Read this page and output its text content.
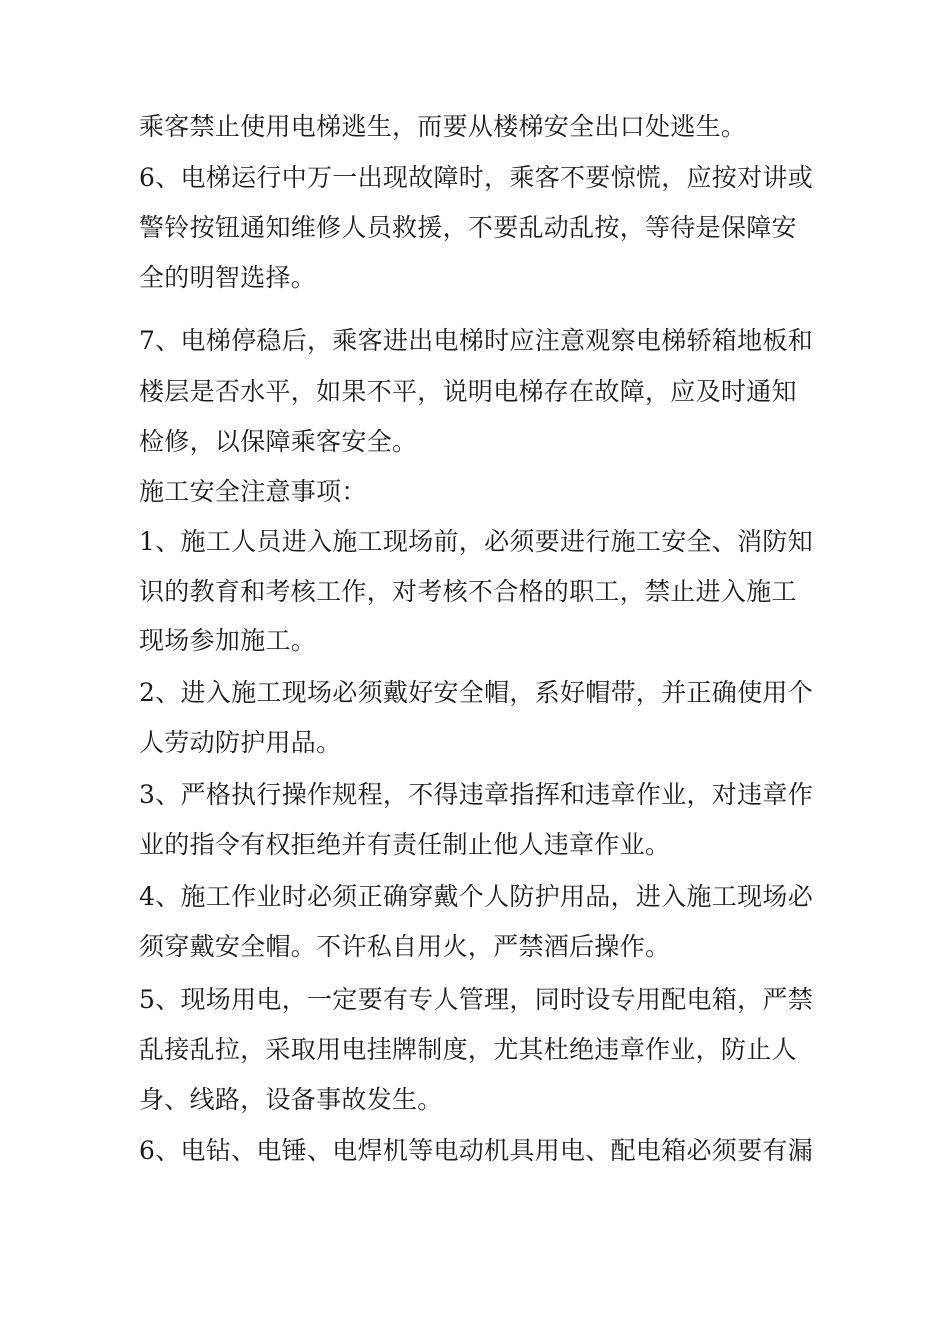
乘客禁止使用电梯逃生，而要从楼梯安全出口处逃生。
6、电梯运行中万一出现故障时，乘客不要惊慌，应按对讲或
警铃按钮通知维修人员救援，不要乱动乱按，等待是保障安
全的明智选择。
7、电梯停稳后，乘客进出电梯时应注意观察电梯轿箱地板和
楼层是否水平，如果不平，说明电梯存在故障，应及时通知
检修，以保障乘客安全。
施工安全注意事项：
1、施工人员进入施工现场前，必须要进行施工安全、消防知
识的教育和考核工作，对考核不合格的职工，禁止进入施工
现场参加施工。
2、进入施工现场必须戴好安全帽，系好帽带，并正确使用个
人劳动防护用品。
3、严格执行操作规程，不得违章指挥和违章作业，对违章作
业的指令有权拒绝并有责任制止他人违章作业。
4、施工作业时必须正确穿戴个人防护用品，进入施工现场必
须穿戴安全帽。不许私自用火，严禁酒后操作。
5、现场用电，一定要有专人管理，同时设专用配电箱，严禁
乱接乱拉，采取用电挂牌制度，尤其杜绝违章作业，防止人
身、线路，设备事故发生。
6、电钻、电锤、电焊机等电动机具用电、配电箱必须要有漏
